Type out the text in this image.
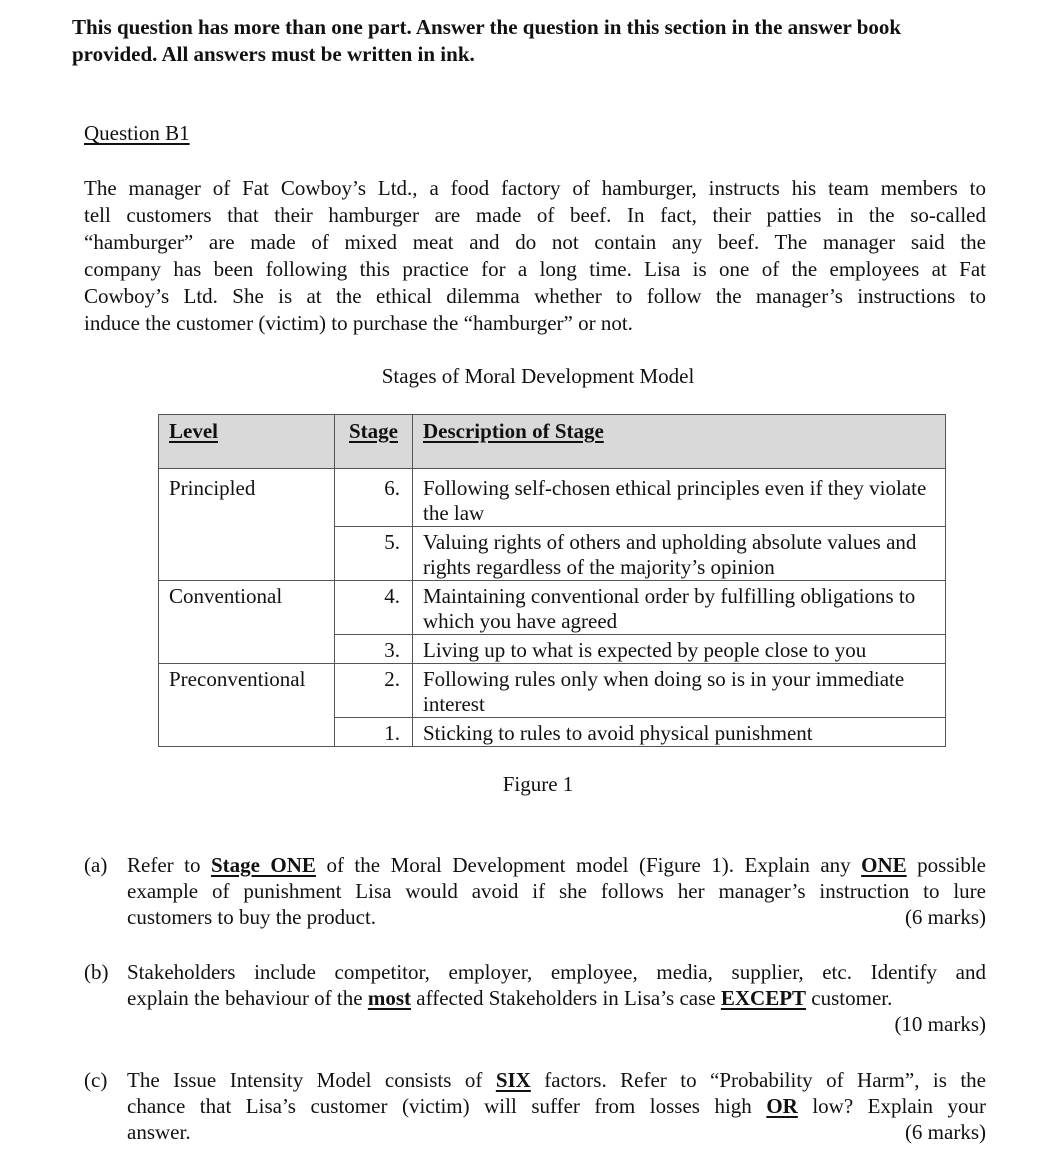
This question has more than one part. Answer the question in this section in the answer book
provided. All answers must be written in ink.
Question B1
The manager of Fat Cowboy’s Ltd., a food factory of hamburger, instructs his team members to
tell customers that their hamburger are made of beef. In fact, their patties in the so-called
“hamburger” are made of mixed meat and do not contain any beef. The manager said the
company has been following this practice for a long time. Lisa is one of the employees at Fat
Cowboy’s Ltd. She is at the ethical dilemma whether to follow the manager’s instructions to
induce the customer (victim) to purchase the “hamburger” or not.
Stages of Moral Development Model
Level	Stage	Description of Stage
Principled	6.	Following self-chosen ethical principles even if they violate the law
	5.	Valuing rights of others and upholding absolute values and rights regardless of the majority’s opinion
Conventional	4.	Maintaining conventional order by fulfilling obligations to which you have agreed
	3.	Living up to what is expected by people close to you
Preconventional	2.	Following rules only when doing so is in your immediate interest
	1.	Sticking to rules to avoid physical punishment
Figure 1
(a) Refer to Stage ONE of the Moral Development model (Figure 1). Explain any ONE possible
example of punishment Lisa would avoid if she follows her manager’s instruction to lure
customers to buy the product.	(6 marks)
(b) Stakeholders include competitor, employer, employee, media, supplier, etc. Identify and
explain the behaviour of the most affected Stakeholders in Lisa’s case EXCEPT customer.
(10 marks)
(c) The Issue Intensity Model consists of SIX factors. Refer to “Probability of Harm”, is the
chance that Lisa’s customer (victim) will suffer from losses high OR low? Explain your
answer.	(6 marks)
